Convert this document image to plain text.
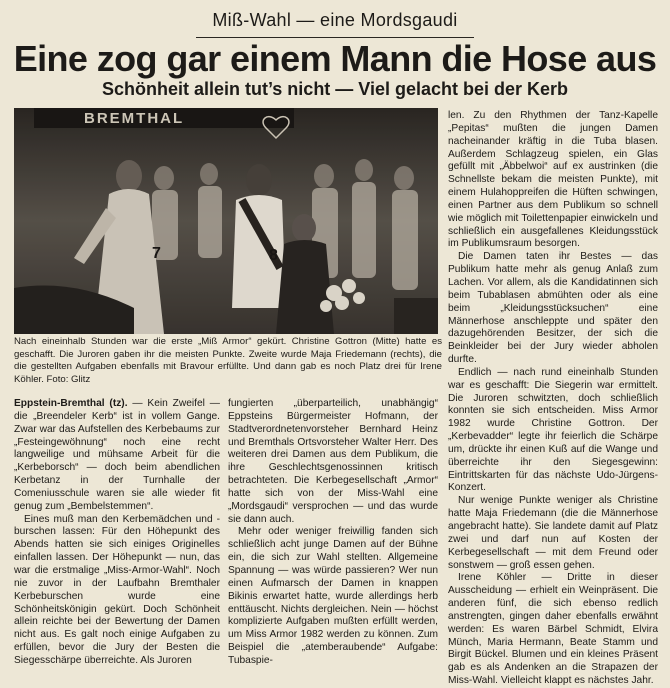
Miß-Wahl — eine Mordsgaudi
Eine zog gar einem Mann die Hose aus
Schönheit allein tut’s nicht — Viel gelacht bei der Kerb
BREMTHAL
7	8
Nach eineinhalb Stunden war die erste „Miß Armor“ gekürt. Christine Gottron (Mitte) hatte es geschafft. Die Juroren gaben ihr die meisten Punkte. Zweite wurde Maja Friedemann (rechts), die die gestellten Aufgaben ebenfalls mit Bravour erfüllte. Und dann gab es noch Platz drei für Irene Köhler. Foto: Glitz

Eppstein-Bremthal (tz). — Kein Zweifel — die „Breendeler Kerb“ ist in vollem Gange. Zwar war das Aufstellen des Kerbebaums zur „Festeingewöhnung“ noch eine recht langweilige und mühsame Arbeit für die „Kerbeborsch“ — doch beim abendlichen Kerbetanz in der Turnhalle der Comeniusschule waren sie alle wieder fit genug zum „Bembelstemmen“.

Eines muß man den Kerbemädchen und -burschen lassen: Für den Höhepunkt des Abends hatten sie sich einiges Originelles einfallen lassen. Der Höhepunkt — nun, das war die erstmalige „Miss-Armor-Wahl“. Noch nie zuvor in der Laufbahn Bremthaler Kerbeburschen wurde eine Schönheitskönigin gekürt. Doch Schönheit allein reichte bei der Bewertung der Damen nicht aus. Es galt noch einige Aufgaben zu erfüllen, bevor die Jury der Besten die Siegesschärpe überreichte. Als Juroren

fungierten „überparteilich, unabhängig“ Eppsteins Bürgermeister Hofmann, der Stadtverordnetenvorsteher Bernhard Heinz und Bremthals Ortsvorsteher Walter Herr. Des weiteren drei Damen aus dem Publikum, die ihre Geschlechtsgenossinnen kritisch betrachteten. Die Kerbegesellschaft „Armor“ hatte sich von der Miss-Wahl eine „Mordsgaudi“ versprochen — und das wurde sie dann auch.

Mehr oder weniger freiwillig fanden sich schließlich acht junge Damen auf der Bühne ein, die sich zur Wahl stellten. Allgemeine Spannung — was würde passieren? Wer nun einen Aufmarsch der Damen in knappen Bikinis erwartet hatte, wurde allerdings herb enttäuscht. Nichts dergleichen. Nein — höchst komplizierte Aufgaben mußten erfüllt werden, um Miss Armor 1982 werden zu können. Zum Beispiel die „atemberaubende“ Aufgabe: Tubaspie-

len. Zu den Rhythmen der Tanz-Kapelle „Pepitas“ mußten die jungen Damen nacheinander kräftig in die Tuba blasen. Außerdem Schlagzeug spielen, ein Glas gefüllt mit „Äbbelwoi“ auf ex austrinken (die Schnellste bekam die meisten Punkte), mit einem Hulahoppreifen die Hüften schwingen, einen Partner aus dem Publikum so schnell wie möglich mit Toilettenpapier einwickeln und schließlich ein ausgefallenes Kleidungsstück im Publikumsraum besorgen.

Die Damen taten ihr Bestes — das Publikum hatte mehr als genug Anlaß zum Lachen. Vor allem, als die Kandidatinnen sich beim Tubablasen abmühten oder als eine beim „Kleidungsstücksuchen“ eine Männerhose anschleppte und später den dazugehörenden Besitzer, der sich die Beinkleider bei der Jury wieder abholen durfte.

Endlich — nach rund eineinhalb Stunden war es geschafft: Die Siegerin war ermittelt. Die Juroren schwitzten, doch schließlich konnten sie sich entscheiden. Miss Armor 1982 wurde Christine Gottron. Der „Kerbevadder“ legte ihr feierlich die Schärpe um, drückte ihr einen Kuß auf die Wange und überreichte ihr den Siegesgewinn: Eintrittskarten für das nächste Udo-Jürgens-Konzert.

Nur wenige Punkte weniger als Christine hatte Maja Friedemann (die die Männerhose angebracht hatte). Sie landete damit auf Platz zwei und darf nun auf Kosten der Kerbegesellschaft — mit dem Freund oder sonstwem — groß essen gehen.

Irene Köhler — Dritte in dieser Ausscheidung — erhielt ein Weinpräsent. Die anderen fünf, die sich ebenso redlich anstrengten, gingen daher ebenfalls erwähnt werden: Es waren Bärbel Schmidt, Elvira Münch, Maria Hermann, Beate Stamm und Birgit Bückel. Blumen und ein kleines Präsent gab es als Andenken an die Strapazen der Miss-Wahl. Vielleicht klappt es nächstes Jahr.
